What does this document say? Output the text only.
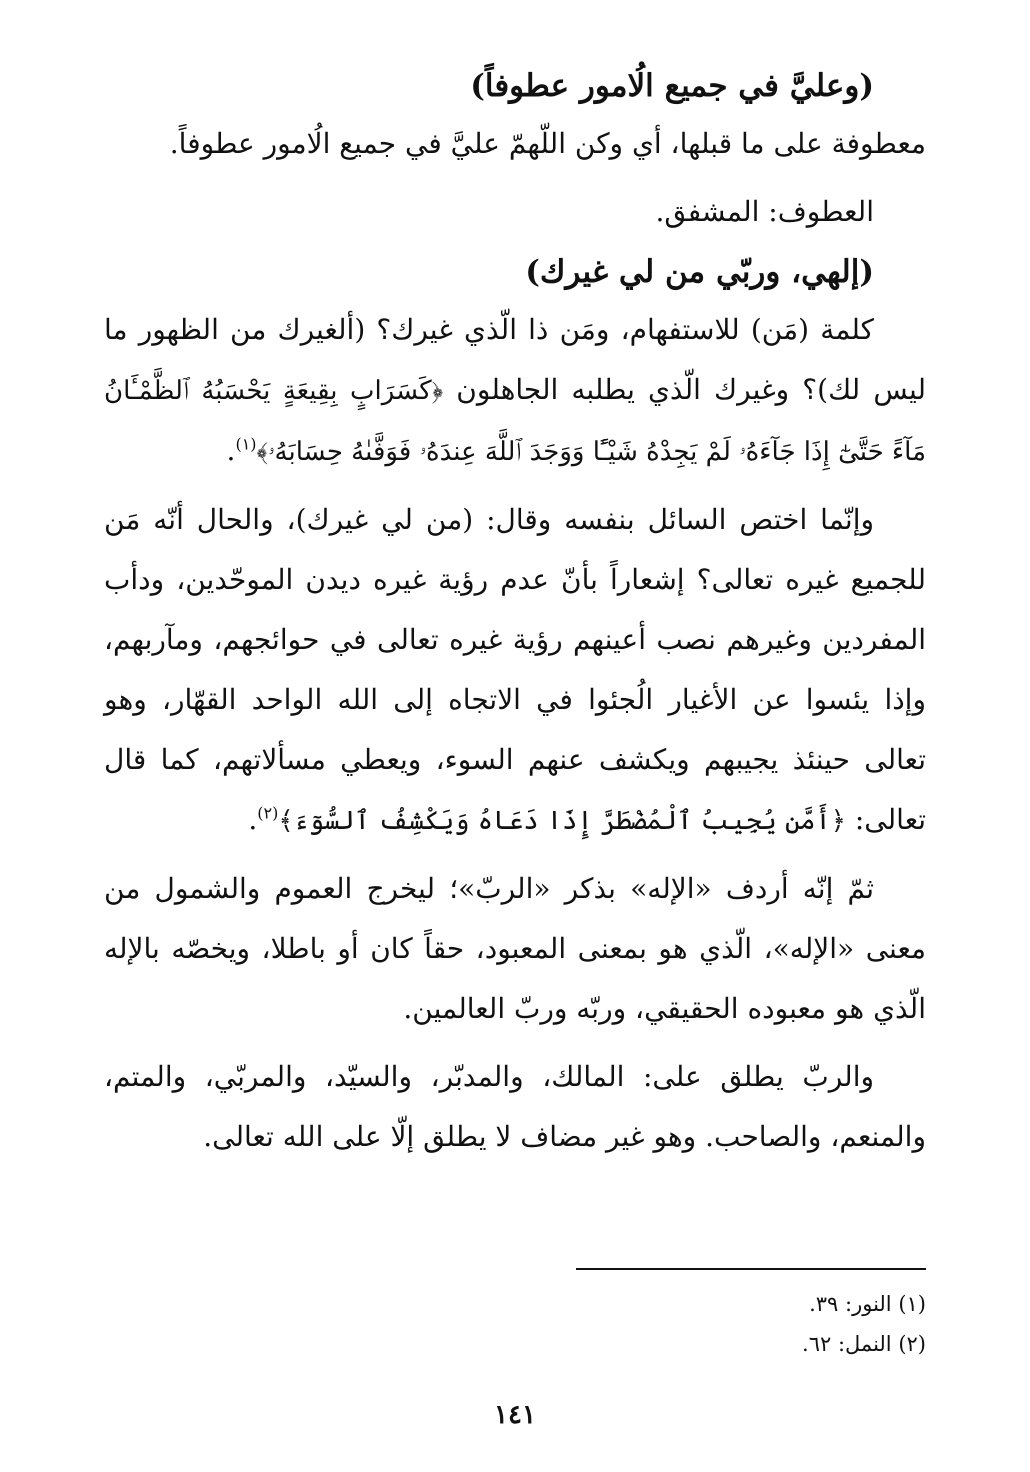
(وعليَّ في جميع الُامور عطوفاً)

معطوفة على ما قبلها، أي وكن اللّهمّ عليَّ في جميع الُامور عطوفاً.

العطوف: المشفق.

(إلهي، وربّي من لي غيرك)

كلمة (مَن) للاستفهام، ومَن ذا الّذي غيرك؟ (ألغيرك من الظهور ما ليس لك)؟ وغيرك الّذي يطلبه الجاهلون ﴿كَسَرَابٍ بِقِيعَةٍ يَحْسَبُهُ ٱلظَّمْـَٔانُ مَآءً حَتَّىٰٓ إِذَا جَآءَهُۥ لَمْ يَجِدْهُ شَيْـًٔا وَوَجَدَ ٱللَّهَ عِندَهُۥ فَوَفَّىٰهُ حِسَابَهُۥ﴾$^{(١)}$.

وإنّما اختص السائل بنفسه وقال: (من لي غيرك)، والحال أنّه مَن للجميع غيره تعالى؟ إشعاراً بأنّ عدم رؤية غيره ديدن الموحّدين، ودأب المفردين وغيرهم نصب أعينهم رؤية غيره تعالى في حوائجهم، ومآربهم، وإذا يئسوا عن الأغيار الُجئوا في الاتجاه إلى الله الواحد القهّار، وهو تعالى حينئذ يجيبهم ويكشف عنهم السوء، ويعطي مسألاتهم، كما قال تعالى: ﴿أَمَّن يُجِيبُ ٱلْمُضْطَرَّ إِذَا دَعَاهُ وَيَكْشِفُ ٱلسُّوٓءَ﴾$^{(٢)}$.

ثمّ إنّه أردف «الإله» بذكر «الربّ»؛ ليخرج العموم والشمول من معنى «الإله»، الّذي هو بمعنى المعبود، حقاً كان أو باطلا، ويخصّه بالإله الّذي هو معبوده الحقيقي، وربّه وربّ العالمين.

والربّ يطلق على: المالك، والمدبّر، والسيّد، والمربّي، والمتم، والمنعم، والصاحب. وهو غير مضاف لا يطلق إلّا على الله تعالى.

(١) النور: ٣٩.
(٢) النمل: ٦٢.
١٤١
